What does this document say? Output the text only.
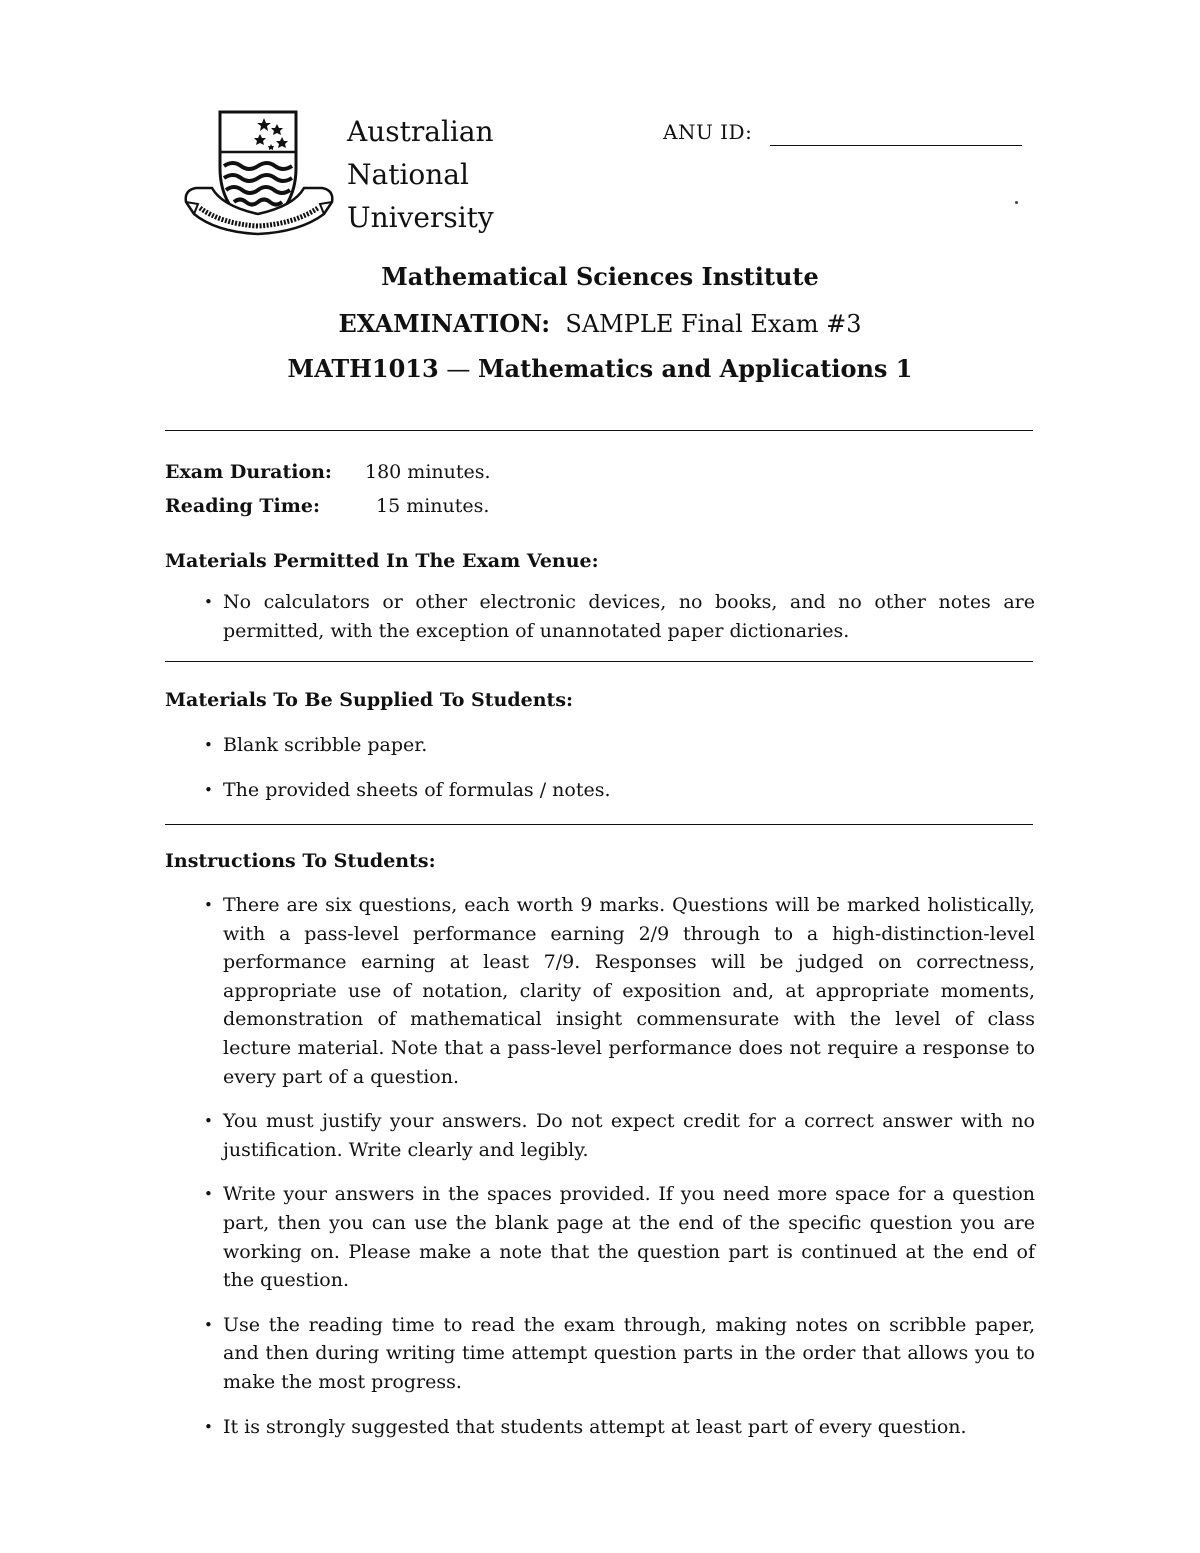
Australian
National
University
ANU ID:
Mathematical Sciences Institute
EXAMINATION: SAMPLE Final Exam #3
MATH1013 — Mathematics and Applications 1
Exam Duration: 180 minutes.
Reading Time:	15 minutes.
Materials Permitted In The Exam Venue:
• No calculators or other electronic devices, no books, and no other notes are permitted, with the exception of unannotated paper dictionaries.
Materials To Be Supplied To Students:
• Blank scribble paper.
• The provided sheets of formulas / notes.
Instructions To Students:
• There are six questions, each worth 9 marks. Questions will be marked holistically, with a pass-level performance earning 2/9 through to a high-distinction-level performance earning at least 7/9. Responses will be judged on correctness, appropriate use of notation, clarity of exposition and, at appropriate moments, demonstration of mathematical insight commensurate with the level of class lecture material. Note that a pass-level performance does not require a response to every part of a question.
• You must justify your answers. Do not expect credit for a correct answer with no justification. Write clearly and legibly.
• Write your answers in the spaces provided. If you need more space for a question part, then you can use the blank page at the end of the specific question you are working on. Please make a note that the question part is continued at the end of the question.
• Use the reading time to read the exam through, making notes on scribble paper, and then during writing time attempt question parts in the order that allows you to make the most progress.
• It is strongly suggested that students attempt at least part of every question.
